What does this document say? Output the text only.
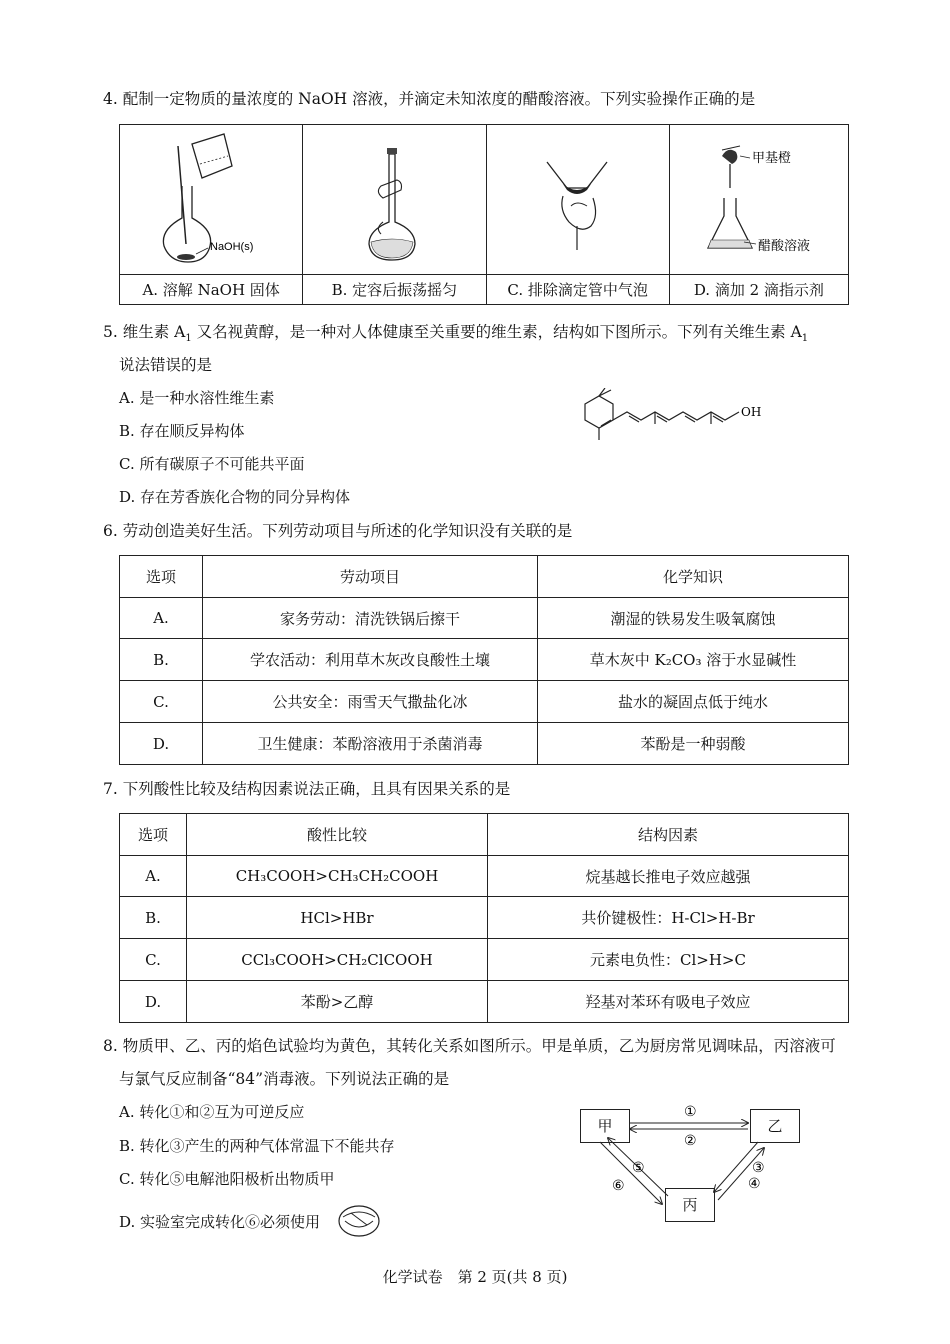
4. 配制一定物质的量浓度的 NaOH 溶液，并滴定未知浓度的醋酸溶液。下列实验操作正确的是
NaOH(s)			甲基橙
醋酸溶液

A. 溶解 NaOH 固体	B. 定容后振荡摇匀	C. 排除滴定管中气泡	D. 滴加 2 滴指示剂
5. 维生素 $A_1$ 又名视黄醇，是一种对人体健康至关重要的维生素，结构如下图所示。下列有关维生素 $A_1$
说法错误的是
A. 是一种水溶性维生素
B. 存在顺反异构体
C. 所有碳原子不可能共平面
D. 存在芳香族化合物的同分异构体
OH
6. 劳动创造美好生活。下列劳动项目与所述的化学知识没有关联的是
选项	劳动项目	化学知识
A.	家务劳动：清洗铁锅后擦干	潮湿的铁易发生吸氧腐蚀
B.	学农活动：利用草木灰改良酸性土壤	草木灰中 K₂CO₃ 溶于水显碱性
C.	公共安全：雨雪天气撒盐化冰	盐水的凝固点低于纯水
D.	卫生健康：苯酚溶液用于杀菌消毒	苯酚是一种弱酸
7. 下列酸性比较及结构因素说法正确，且具有因果关系的是
选项	酸性比较	结构因素
A.	CH₃COOH>CH₃CH₂COOH	烷基越长推电子效应越强
B.	HCl>HBr	共价键极性：H-Cl>H-Br
C.	CCl₃COOH>CH₂ClCOOH	元素电负性：Cl>H>C
D.	苯酚>乙醇	羟基对苯环有吸电子效应
8. 物质甲、乙、丙的焰色试验均为黄色，其转化关系如图所示。甲是单质，乙为厨房常见调味品，丙溶液可
与氯气反应制备“84”消毒液。下列说法正确的是
A. 转化①和②互为可逆反应
B. 转化③产生的两种气体常温下不能共存
C. 转化⑤电解池阳极析出物质甲
D. 实验室完成转化⑥必须使用
甲	乙
丙
①
②
③
④
⑤
⑥
化学试卷　第 2 页(共 8 页)
